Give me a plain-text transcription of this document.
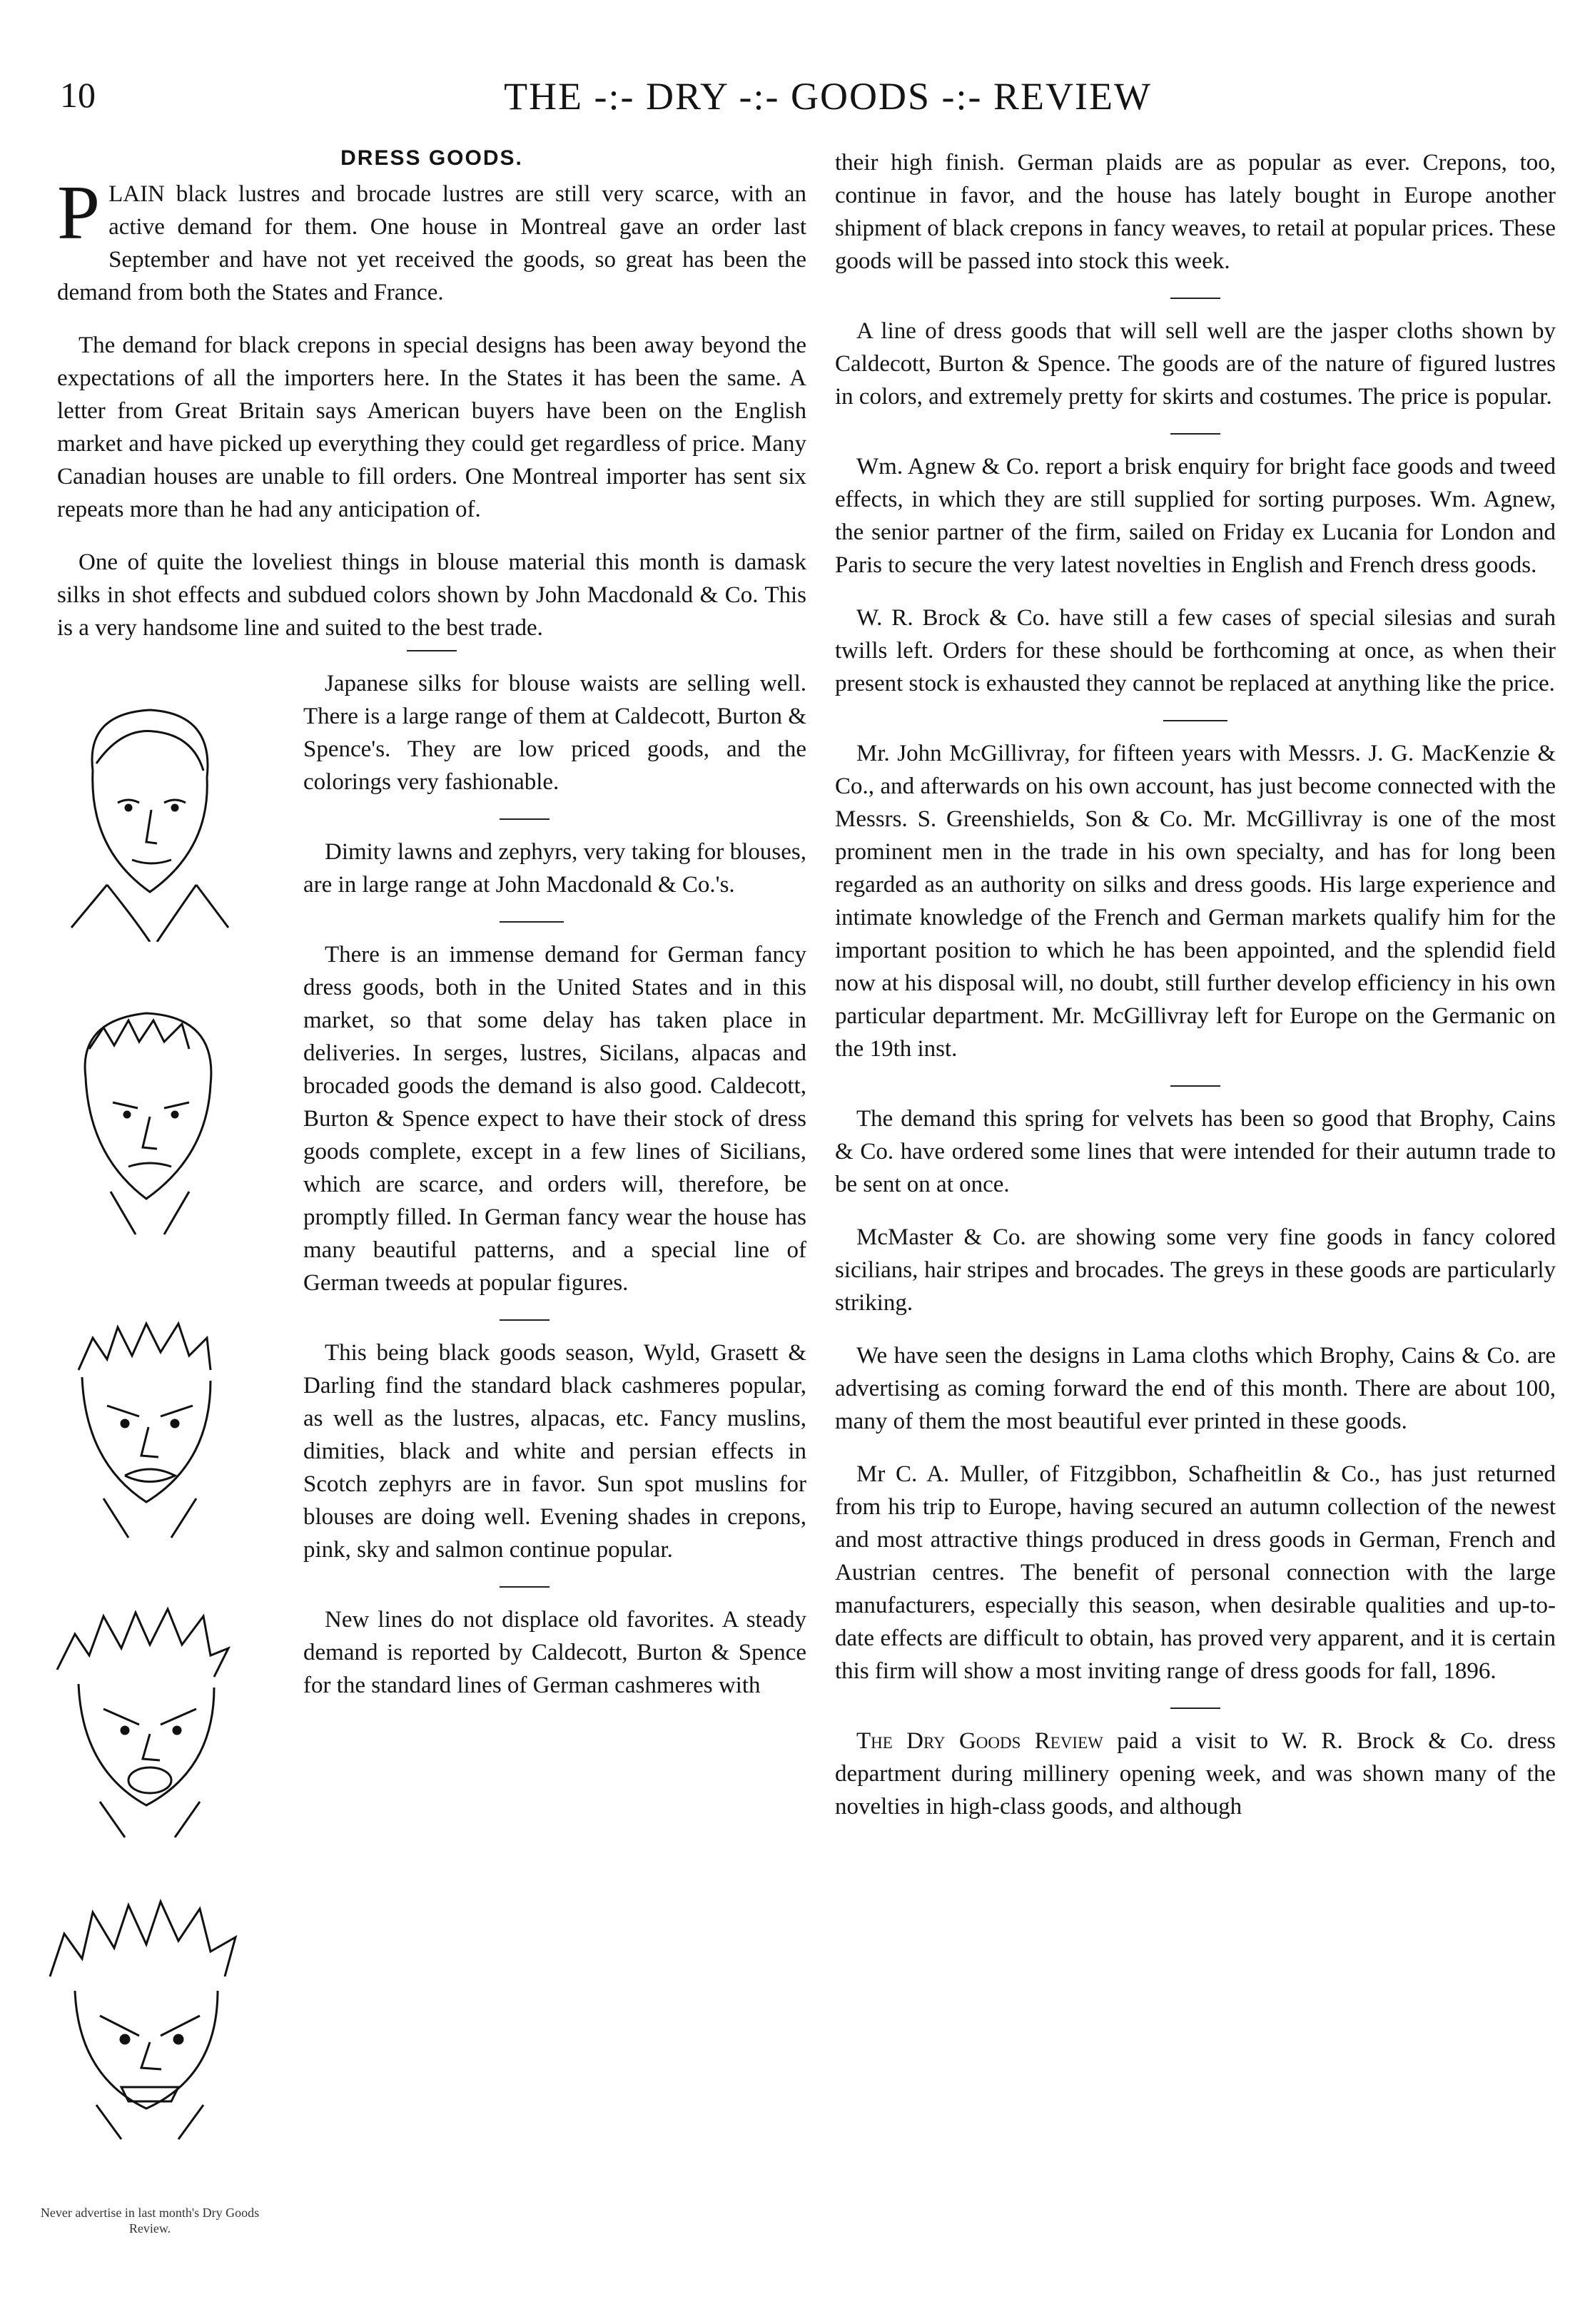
10	THE -:- DRY -:- GOODS -:- REVIEW
DRESS GOODS.

PLAIN black lustres and brocade lustres are still very scarce, with an active demand for them. One house in Montreal gave an order last September and have not yet received the goods, so great has been the demand from both the States and France.

The demand for black crepons in special designs has been away beyond the expectations of all the importers here. In the States it has been the same. A letter from Great Britain says American buyers have been on the English market and have picked up everything they could get regardless of price. Many Canadian houses are unable to fill orders. One Montreal importer has sent six repeats more than he had any anticipation of.

One of quite the loveliest things in blouse material this month is damask silks in shot effects and subdued colors shown by John Macdonald & Co. This is a very handsome line and suited to the best trade.

Japanese silks for blouse waists are selling well. There is a large range of them at Caldecott, Burton & Spence's. They are low priced goods, and the colorings very fashionable.

Dimity lawns and zephyrs, very taking for blouses, are in large range at John Macdonald & Co.'s.

There is an immense demand for German fancy dress goods, both in the United States and in this market, so that some delay has taken place in deliveries. In serges, lustres, Sicilans, alpacas and brocaded goods the demand is also good. Caldecott, Burton & Spence expect to have their stock of dress goods complete, except in a few lines of Sicilians, which are scarce, and orders will, therefore, be promptly filled. In German fancy wear the house has many beautiful patterns, and a special line of German tweeds at popular figures.

This being black goods season, Wyld, Grasett & Darling find the standard black cashmeres popular, as well as the lustres, alpacas, etc. Fancy muslins, dimities, black and white and persian effects in Scotch zephyrs are in favor. Sun spot muslins for blouses are doing well. Evening shades in crepons, pink, sky and salmon continue popular.

New lines do not displace old favorites. A steady demand is reported by Caldecott, Burton & Spence for the standard lines of German cashmeres with

Never advertise in last month's Dry Goods Review.

their high finish. German plaids are as popular as ever. Crepons, too, continue in favor, and the house has lately bought in Europe another shipment of black crepons in fancy weaves, to retail at popular prices. These goods will be passed into stock this week.

A line of dress goods that will sell well are the jasper cloths shown by Caldecott, Burton & Spence. The goods are of the nature of figured lustres in colors, and extremely pretty for skirts and costumes. The price is popular.

Wm. Agnew & Co. report a brisk enquiry for bright face goods and tweed effects, in which they are still supplied for sorting purposes. Wm. Agnew, the senior partner of the firm, sailed on Friday ex Lucania for London and Paris to secure the very latest novelties in English and French dress goods.

W. R. Brock & Co. have still a few cases of special silesias and surah twills left. Orders for these should be forthcoming at once, as when their present stock is exhausted they cannot be replaced at anything like the price.

Mr. John McGillivray, for fifteen years with Messrs. J. G. MacKenzie & Co., and afterwards on his own account, has just become connected with the Messrs. S. Greenshields, Son & Co. Mr. McGillivray is one of the most prominent men in the trade in his own specialty, and has for long been regarded as an authority on silks and dress goods. His large experience and intimate knowledge of the French and German markets qualify him for the important position to which he has been appointed, and the splendid field now at his disposal will, no doubt, still further develop efficiency in his own particular department. Mr. McGillivray left for Europe on the Germanic on the 19th inst.

The demand this spring for velvets has been so good that Brophy, Cains & Co. have ordered some lines that were intended for their autumn trade to be sent on at once.

McMaster & Co. are showing some very fine goods in fancy colored sicilians, hair stripes and brocades. The greys in these goods are particularly striking.

We have seen the designs in Lama cloths which Brophy, Cains & Co. are advertising as coming forward the end of this month. There are about 100, many of them the most beautiful ever printed in these goods.

Mr C. A. Muller, of Fitzgibbon, Schafheitlin & Co., has just returned from his trip to Europe, having secured an autumn collection of the newest and most attractive things produced in dress goods in German, French and Austrian centres. The benefit of personal connection with the large manufacturers, especially this season, when desirable qualities and up-to-date effects are difficult to obtain, has proved very apparent, and it is certain this firm will show a most inviting range of dress goods for fall, 1896.

The Dry Goods Review paid a visit to W. R. Brock & Co. dress department during millinery opening week, and was shown many of the novelties in high-class goods, and although
